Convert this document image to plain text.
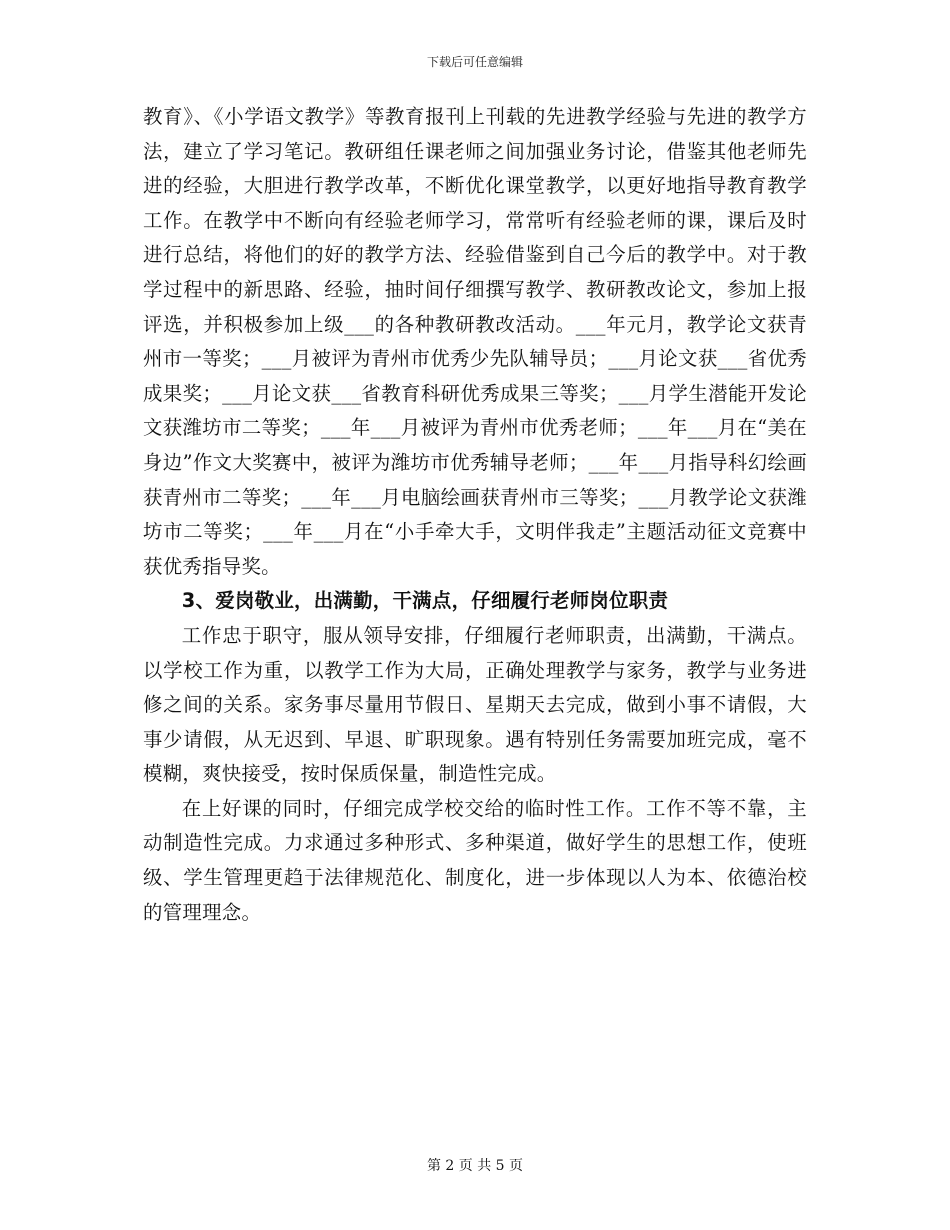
下载后可任意编辑

教育》、《小学语文教学》等教育报刊上刊载的先进教学经验与先进的教学方法，建立了学习笔记。教研组任课老师之间加强业务讨论，借鉴其他老师先进的经验，大胆进行教学改革，不断优化课堂教学，以更好地指导教育教学工作。在教学中不断向有经验老师学习，常常听有经验老师的课，课后及时进行总结，将他们的好的教学方法、经验借鉴到自己今后的教学中。对于教学过程中的新思路、经验，抽时间仔细撰写教学、教研教改论文，参加上报评选，并积极参加上级___的各种教研教改活动。___年元月，教学论文获青州市一等奖；___月被评为青州市优秀少先队辅导员；___月论文获___省优秀成果奖；___月论文获___省教育科研优秀成果三等奖；___月学生潜能开发论文获潍坊市二等奖；___年___月被评为青州市优秀老师；___年___月在“美在身边”作文大奖赛中，被评为潍坊市优秀辅导老师；___年___月指导科幻绘画获青州市二等奖；___年___月电脑绘画获青州市三等奖；___月教学论文获潍坊市二等奖；___年___月在“小手牵大手，文明伴我走”主题活动征文竞赛中获优秀指导奖。

3、爱岗敬业，出满勤，干满点，仔细履行老师岗位职责

工作忠于职守，服从领导安排，仔细履行老师职责，出满勤，干满点。以学校工作为重，以教学工作为大局，正确处理教学与家务，教学与业务进修之间的关系。家务事尽量用节假日、星期天去完成，做到小事不请假，大事少请假，从无迟到、早退、旷职现象。遇有特别任务需要加班完成，毫不模糊，爽快接受，按时保质保量，制造性完成。

在上好课的同时，仔细完成学校交给的临时性工作。工作不等不靠，主动制造性完成。力求通过多种形式、多种渠道，做好学生的思想工作，使班级、学生管理更趋于法律规范化、制度化，进一步体现以人为本、依德治校的管理理念。

第 2 页 共 5 页
